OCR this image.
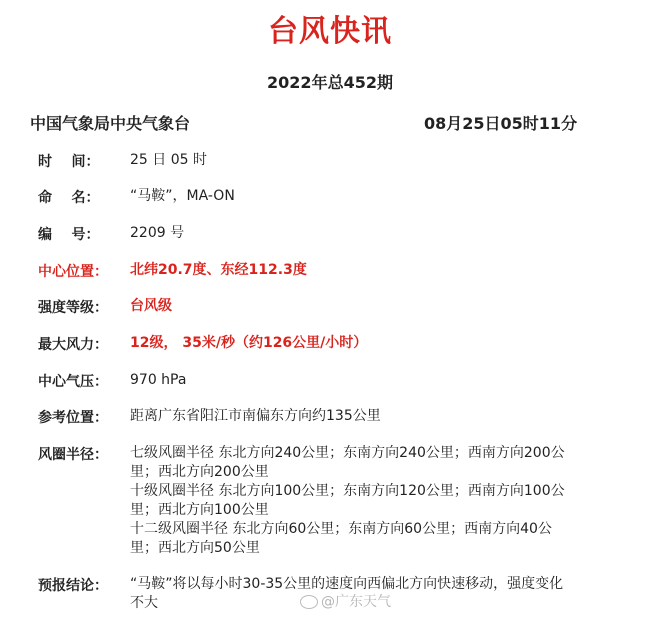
台风快讯
2022年总452期
中国气象局中央气象台	08月25日05时11分
时    间：	25 日 05 时
命    名：	“马鞍”，MA-ON
编    号：	2209 号
中心位置：	北纬20.7度、东经112.3度
强度等级：	台风级
最大风力：	12级， 35米/秒（约126公里/小时）
中心气压：	970 hPa
参考位置：	距离广东省阳江市南偏东方向约135公里
风圈半径：	七级风圈半径 东北方向240公里；东南方向240公里；西南方向200公里；西北方向200公里
十级风圈半径 东北方向100公里；东南方向120公里；西南方向100公里；西北方向100公里
十二级风圈半径 东北方向60公里；东南方向60公里；西南方向40公里；西北方向50公里
预报结论：	“马鞍”将以每小时30-35公里的速度向西偏北方向快速移动，强度变化不大	@广东天气
